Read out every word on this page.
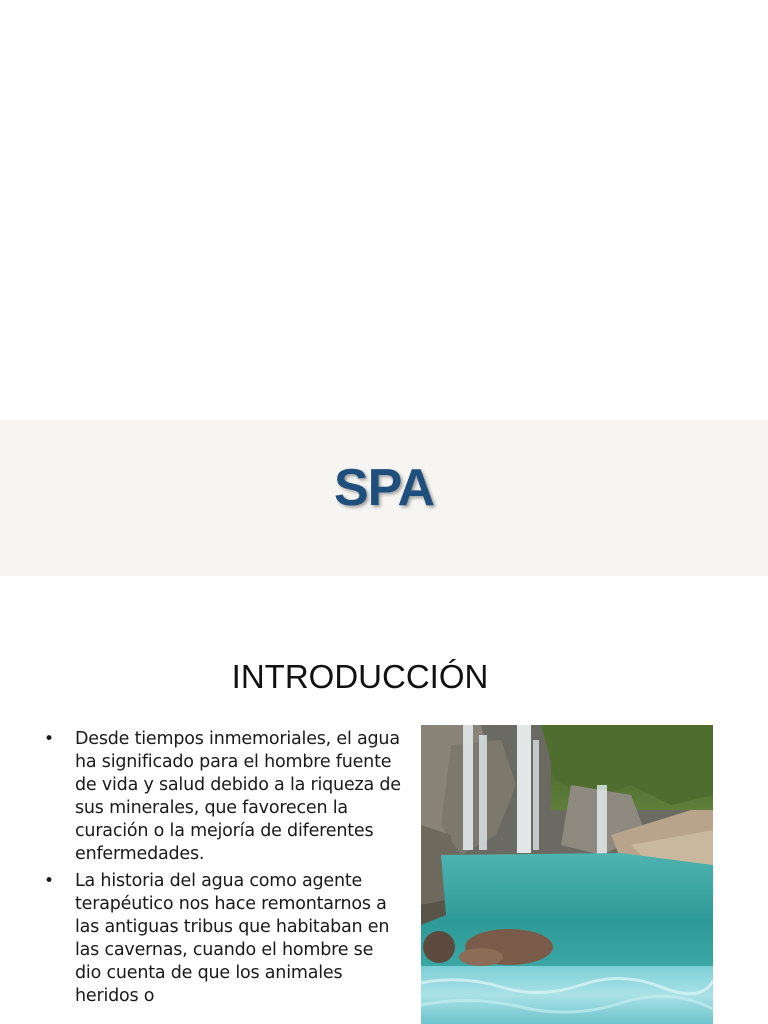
SPA
INTRODUCCIÓN
• Desde tiempos inmemoriales, el agua ha significado para el hombre fuente de vida y salud debido a la riqueza de sus minerales, que favorecen la curación o la mejoría de diferentes enfermedades.
• La historia del agua como agente terapéutico nos hace remontarnos a las antiguas tribus que habitaban en las cavernas, cuando el hombre se dio cuenta de que los animales heridos o
